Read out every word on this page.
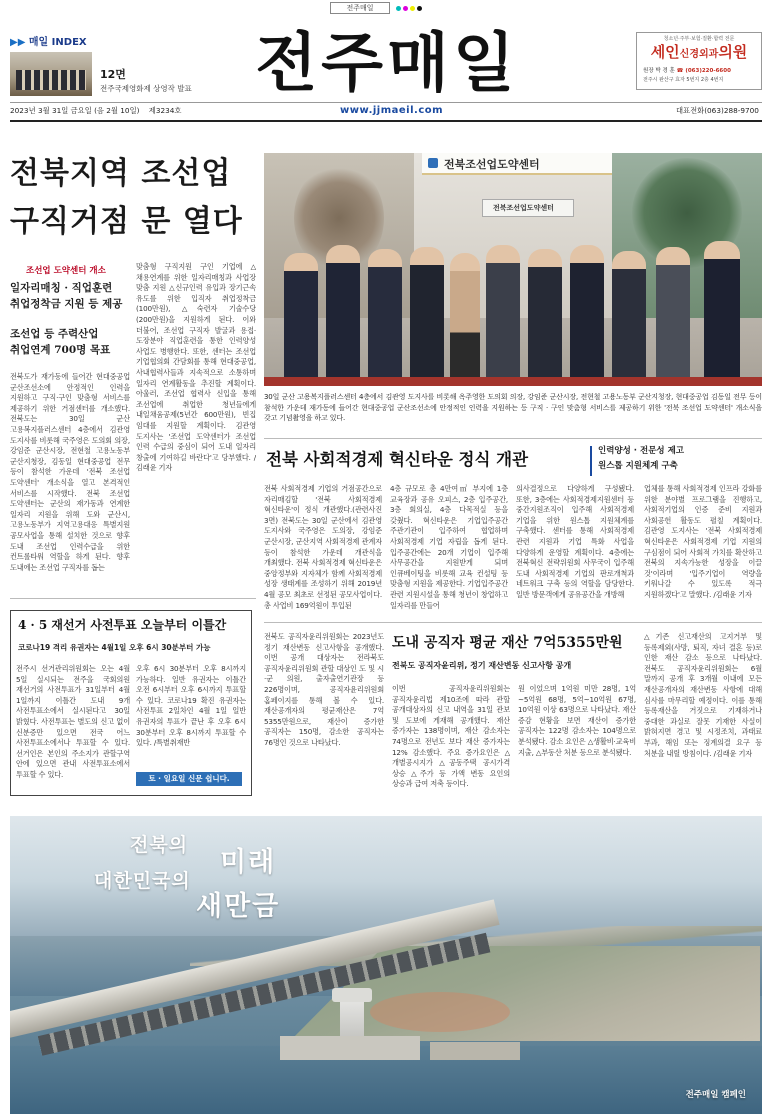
전주매일
▶▶ 매일 INDEX
12면
전주국제영화제 상영작 발표 전주매일	청소년·주부·보험·질환·합력 전문
세인신경외과의원
원장 박 경 훈 ☎ (063)220-6600
전주시 완산구 효자 5번지 2층 4번지
2023년 3월 31일 금요일 (음 2월 10일) 제3234호	www.jjmaeil.com	대표전화(063)288-9700
전북지역 조선업
구직거점 문 열다
조선업 도약센터 개소
일자리매칭 · 직업훈련
취업정착금 지원 등 제공
조선업 등 주력산업
취업연계 700명 목표
전북도가 재가동에 들어간 현대중공업 군산조선소에 안정적인 인력을 지원하고 구직·구인 맞춤형 서비스를 제공하기 위한 거점센터를 개소했다. 전북도는 30일 군산 고용복지플러스센터 4층에서 김관영 도지사를 비롯해 국주영은 도의회 의장, 강임준 군산시장, 전현철 고용노동부 군산지청장, 김동일 현대중공업 전무 등이 참석한 가운데 '전북 조선업 도약센터' 개소식을 열고 본격적인 서비스를 시작했다. 전북 조선업 도약센터는 군산의 재가동과 연계한 일자리 지원을 위해 도와 군산시, 고용노동부가 지역고용대응 특별지원 공모사업을 통해 설치한 것으로 향후 도내 조선업 인력수급을 위한 컨트롤타워 역할을 하게 된다. 향후 도내에는 조선업 구직자를 돕는
맞춤형 구직지원 구인 기업에 △채용연계를 위한 일자리매칭과 사업장 맞춤 지원 △신규인력 유입과 장기근속 유도를 위한 입직자 취업정착금(100만원), △숙련자 기술수당(200만원)을 지원하게 된다. 이와 더불어, 조선업 구직자 발굴과 용접·도장분야 직업훈련을 통한 인력양성 사업도 병행한다. 또한, 센터는 조선업 기업협의회 간담회를 통해 현대중공업, 사내협력사들과 지속적으로 소통하며 일자리 연계활동을 추진할 계획이다. 아울러, 조선업 협력사 신입을 통해 조선업에 취업한 청년들에게 내일채움공제(5년간 600만원), 빈집 임대를 지원할 계획이다. 김관영 도지사는 '조선업 도약센터가 조선업 인력 수급의 중심이 되어 도내 일자리 창출에 기여하길 바란다'고 당부했다. /김래윤 기자
전북조선업도약센터
전북조선업도약센터
30일 군산 고용복지플러스센터 4층에서 김관영 도지사를 비롯해 옥주영한 도의회 의장, 강임준 군산시장, 전현철 고용노동부 군산지청장, 현대중공업 김동일 전무 등이 참석한 가운데 재가동에 들어간 현대중공업 군산조선소에 안정적인 인력을 지원하는 등 구직 · 구인 맞춤형 서비스를 제공하기 위한 '전북 조선업 도약센터' 개소식을 갖고 기념촬영을 하고 있다.
전북 사회적경제 혁신타운 정식 개관	인력양성 · 전문성 제고
원스톱 지원체계 구축
전북 사회적경제 기업의 거점공간으로 자리매김할 '전북 사회적경제 혁신타운'이 정식 개관했다.(관련사진 3면) 전북도는 30일 군산에서 김관영 도지사와 국주영은 도의장, 강임준 군산시장, 군산지역 사회적경제 관계자 등이 참석한 가운데 개관식을 개최했다. 전북 사회적경제 혁신타운은 중앙정부와 지자체가 함께 사회적경제 성장 생태계를 조성하기 위해 2019년 4월 공모 최초로 선정된 공모사업이다. 총 사업비 169억원이 투입된
4층 규모로 총 4만여㎡ 부지에 1층 교육장과 공유 오피스, 2층 입주공간, 3층 회의실, 4층 다목적실 등을 갖췄다. 혁신타운은 기업입주공간 주관기관이 입주하여 협업하며 사회적경제 기업 자립을 돕게 된다. 입주공간에는 20개 기업이 입주해 사무공간을 지원받게 되며 인큐베이팅을 비롯해 교육 컨설팅 등 맞춤형 지원을 제공한다. 기업입주공간 관련 지원시설을 통해 청년이 창업하고 일자리를 만들어
의사결정으로 다양하게 구성됐다. 또한, 3층에는 사회적경제지원센터 등 중간지원조직이 입주해 사회적경제 기업을 위한 원스톱 지원체계를 구축했다. 센터를 통해 사회적경제 관련 지원과 기업 특화 사업을 다양하게 운영할 계획이다. 4층에는 전북혁신 전략위원회 사무국이 입주해 도내 사회적경제 기업의 판로개척과 네트워크 구축 등의 역할을 담당한다. 일반 방문객에게 공유공간을 개방해
업체를 통해 사회적경제 인프라 강화를 위한 분야별 프로그램을 진행하고, 사회적기업의 인증 준비 지원과 사회공헌 활동도 펼칠 계획이다. 김관영 도지사는 '전북 사회적경제 혁신타운은 사회적경제 기업 지원의 구심점이 되어 사회적 가치를 확산하고 전북의 지속가능한 성장을 이끌 것'이라며 '입주기업이 역량을 키워나갈 수 있도록 적극 지원하겠다'고 말했다. /김래윤 기자
4 · 5 재선거 사전투표 오늘부터 이틀간
코로나19 격리 유권자는 4월1일 오후 6시 30분부터 가능
전주시 선거관리위원회는 오는 4월 5일 실시되는 전주을 국회의원 재선거의 사전투표가 31일부터 4월 1일까지 이틀간 도내 9개 사전투표소에서 실시된다고 30일 밝혔다. 사전투표는 별도의 신고 없이 신분증만 있으면 전국 어느 사전투표소에서나 투표할 수 있다. 선거인은 본인의 주소지가 관할구역 안에 있으면 관내 사전투표소에서 투표할 수 있다.
오후 6시 30분부터 오후 8시까지 가능하다. 일반 유권자는 이틀간 오전 6시부터 오후 6시까지 투표할 수 있다. 코로나19 확진 유권자는 사전투표 2일차인 4월 1일 일반 유권자의 투표가 끝난 후 오후 6시 30분부터 오후 8시까지 투표할 수 있다. /특별취재반
토 · 일요일 신문 쉽니다.
전북도 공직자윤리위원회는 2023년도 정기 재산변동 신고사항을 공개했다. 이번 공개 대상자는 전라북도 공직자윤리위원회 관할 대상인 도 및 시·군 의원, 출자출연기관장 등 226명이며, 공직자윤리위원회 홈페이지를 통해 볼 수 있다. 재산공개자의 평균재산은 7억 5355만원으로, 재산이 증가한 공직자는 150명, 감소한 공직자는 76명인 것으로 나타났다.
도내 공직자 평균 재산 7억5355만원
전북도 공직자윤리위, 정기 재산변동 신고사항 공개
이번 공직자윤리위원회는 공직자윤리법 제10조에 따라 관할 공개대상자의 신고 내역을 31일 관보 및 도보에 게재해 공개했다. 재산 증가자는 138명이며, 재산 감소자는 74명으로 전년도 보다 재산 증가자는 12% 감소했다. 주요 증가요인은 △개별공시지가 △공동주택 공시가격 상승 △주가 등 가액 변동 요인의 상승과 급여 저축 등이다.
원 이었으며 1억원 미만 28명, 1억~5억원 68명, 5억~10억원 67명, 10억원 이상 63명으로 나타났다. 재산 증감 현황을 보면 재산이 증가한 공직자는 122명 감소자는 104명으로 분석됐다. 감소 요인은 △생활비·교육비 지출, △부동산 처분 등으로 분석됐다.
△기존 신고재산의 고지거부 및 등록제외(사망, 퇴직, 자녀 결혼 등)로 인한 재산 감소 등으로 나타났다. 전북도 공직자윤리위원회는 6월 말까지 공개 후 3개월 이내에 모든 재산공개자의 재산변동 사항에 대해 심사를 마무리할 예정이다. 이를 통해 등록재산을 거짓으로 기재하거나 중대한 과실로 잘못 기재한 사실이 밝혀지면 경고 및 시정조치, 과태료 부과, 해임 또는 징계의결 요구 등 처분을 내릴 방침이다. /김래윤 기자
전북의
미래
대한민국의
새만금
전주매일 캠페인
